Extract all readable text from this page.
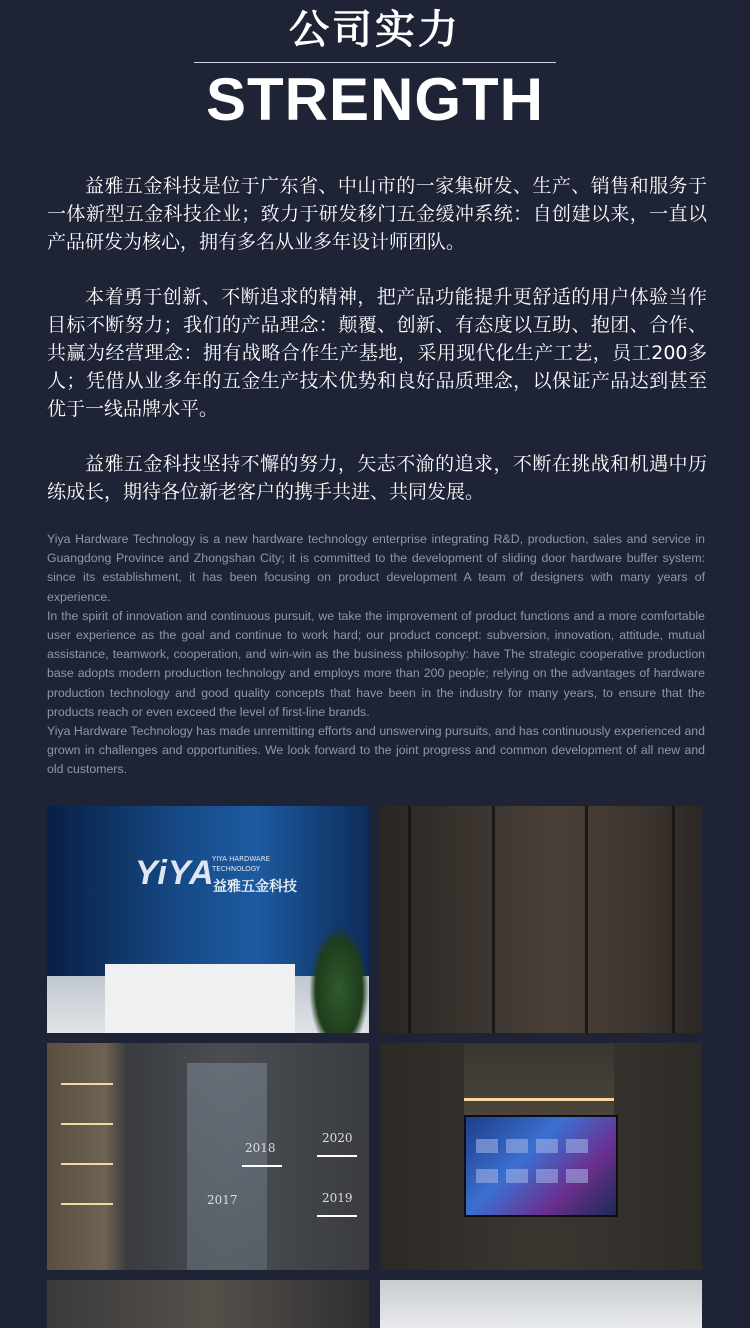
公司实力
STRENGTH

益雅五金科技是位于广东省、中山市的一家集研发、生产、销售和服务于一体新型五金科技企业；致力于研发移门五金缓冲系统：自创建以来，一直以产品研发为核心，拥有多名从业多年设计师团队。

本着勇于创新、不断追求的精神，把产品功能提升更舒适的用户体验当作目标不断努力；我们的产品理念：颠覆、创新、有态度以互助、抱团、合作、共赢为经营理念：拥有战略合作生产基地，采用现代化生产工艺，员工200多人；凭借从业多年的五金生产技术优势和良好品质理念，以保证产品达到甚至优于一线品牌水平。

益雅五金科技坚持不懈的努力，矢志不渝的追求，不断在挑战和机遇中历练成长，期待各位新老客户的携手共进、共同发展。

Yiya Hardware Technology is a new hardware technology enterprise integrating R&D, production, sales and service in Guangdong Province and Zhongshan City; it is committed to the development of sliding door hardware buffer system: since its establishment, it has been focusing on product development A team of designers with many years of experience.

In the spirit of innovation and continuous pursuit, we take the improvement of product functions and a more comfortable user experience as the goal and continue to work hard; our product concept: subversion, innovation, attitude, mutual assistance, teamwork, cooperation, and win-win as the business philosophy: have The strategic cooperative production base adopts modern production technology and employs more than 200 people; relying on the advantages of hardware production technology and good quality concepts that have been in the industry for many years, to ensure that the products reach or even exceed the level of first-line brands.

Yiya Hardware Technology has made unremitting efforts and unswerving pursuits, and has continuously experienced and grown in challenges and opportunities. We look forward to the joint progress and common development of all new and old customers.

YiYA
YIYA HARDWARE
TECHNOLOGY
益雅五金科技
2018
2020
2017	2019
